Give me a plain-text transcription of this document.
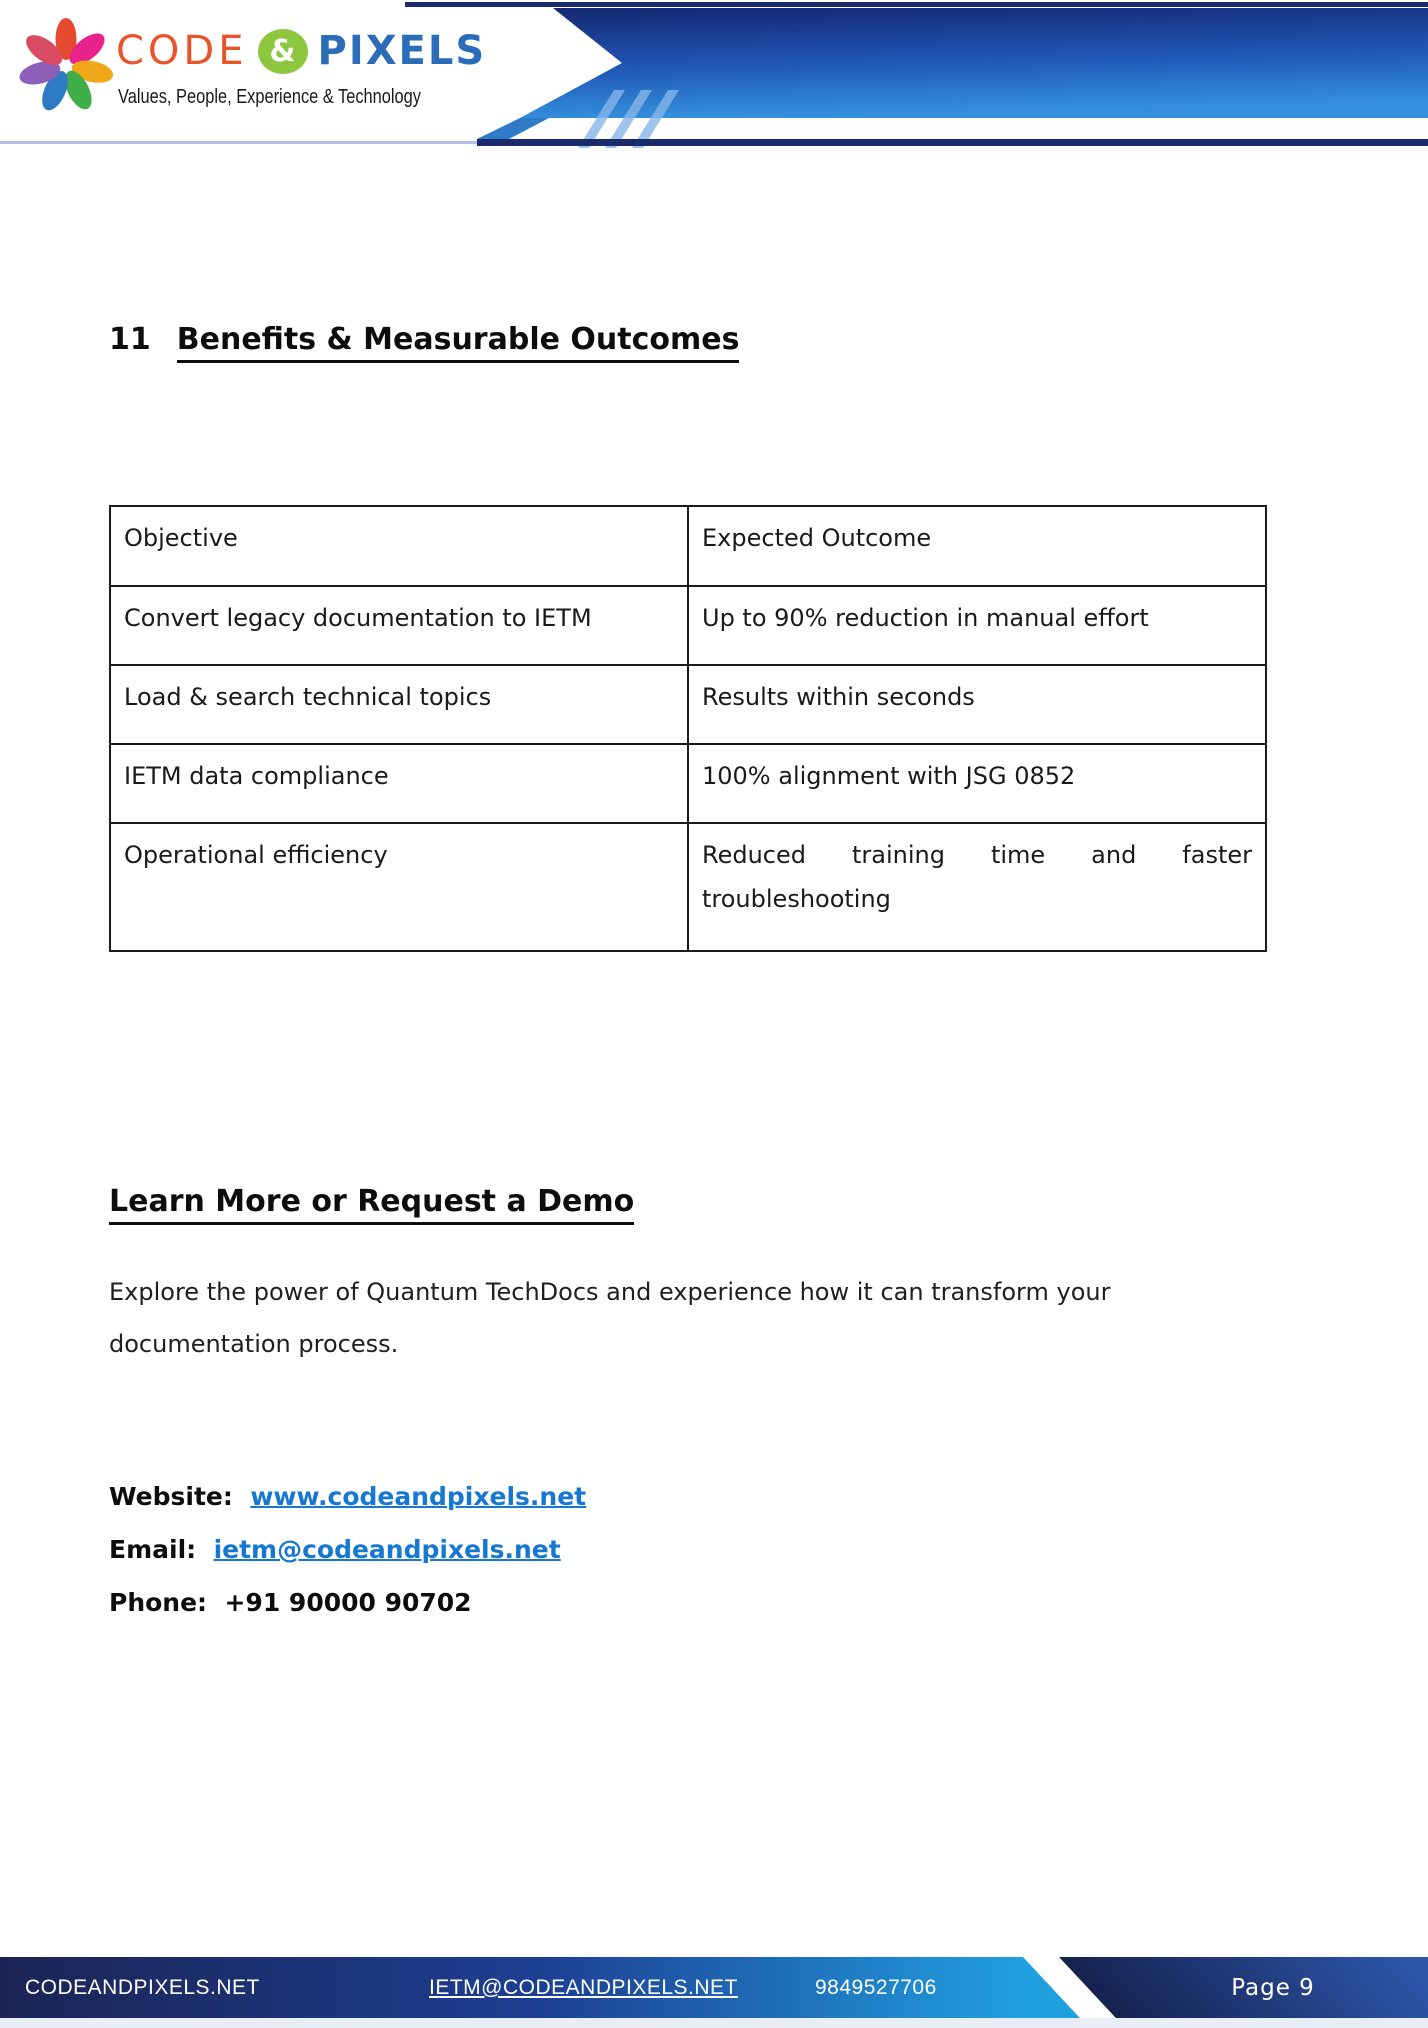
CODE & PIXELS
Values, People, Experience & Technology
11 Benefits & Measurable Outcomes
Objective	Expected Outcome
Convert legacy documentation to IETM	Up to 90% reduction in manual effort
Load & search technical topics	Results within seconds
IETM data compliance	100% alignment with JSG 0852
Operational efficiency	Reduced training time and faster troubleshooting
Learn More or Request a Demo
Explore the power of Quantum TechDocs and experience how it can transform your
documentation process.
Website:  www.codeandpixels.net
Email:  ietm@codeandpixels.net
Phone:  +91 90000 90702
CODEANDPIXELS.NET	IETM@CODEANDPIXELS.NET	9849527706	Page 9
